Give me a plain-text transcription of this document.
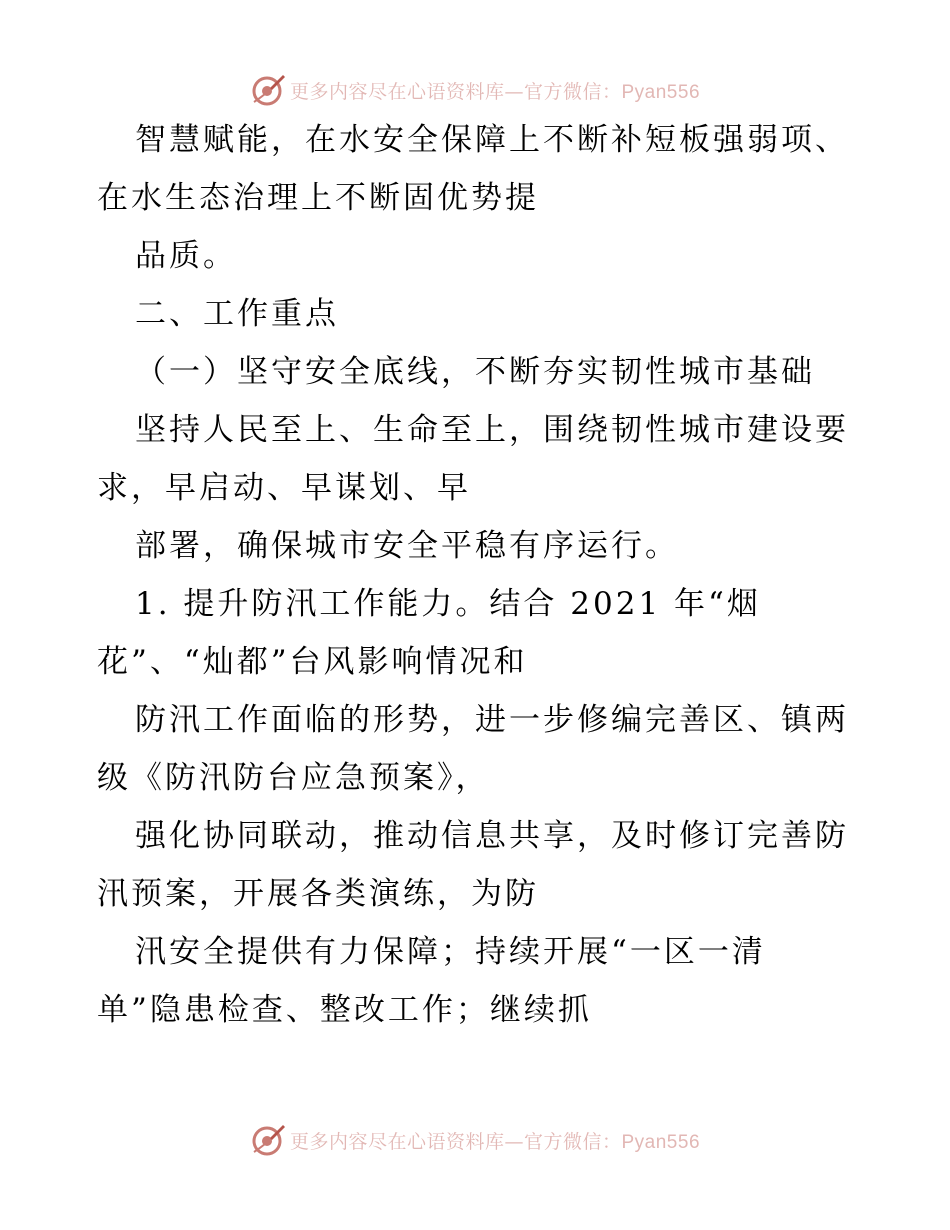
更多内容尽在心语资料库—官方微信：Pyan556
智慧赋能，在水安全保障上不断补短板强弱项、
在水生态治理上不断固优势提
品质。
二、工作重点
（一）坚守安全底线，不断夯实韧性城市基础
坚持人民至上、生命至上，围绕韧性城市建设要
求，早启动、早谋划、早
部署，确保城市安全平稳有序运行。
1. 提升防汛工作能力。结合 2021 年“烟
花”、“灿都”台风影响情况和
防汛工作面临的形势，进一步修编完善区、镇两
级《防汛防台应急预案》，
强化协同联动，推动信息共享，及时修订完善防
汛预案，开展各类演练，为防
汛安全提供有力保障；持续开展“一区一清
单”隐患检查、整改工作；继续抓
更多内容尽在心语资料库—官方微信：Pyan556
